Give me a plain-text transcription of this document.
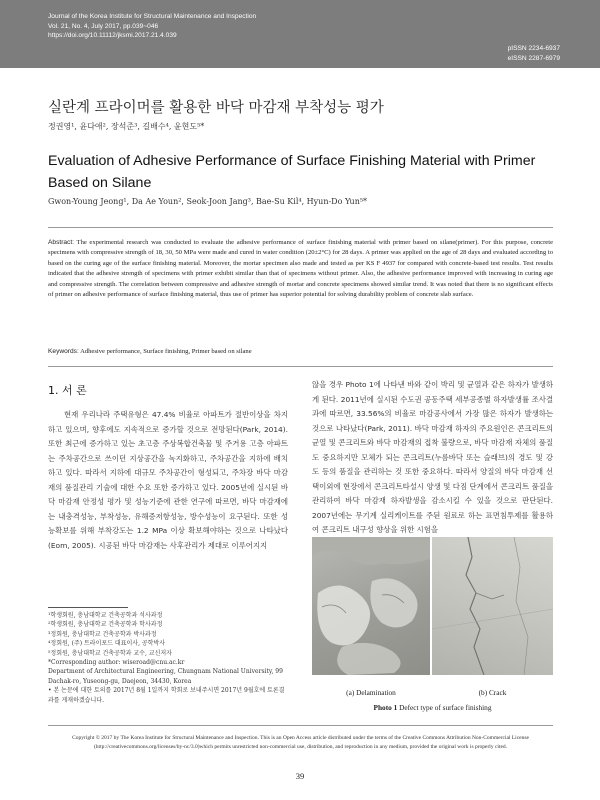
Journal of the Korea Institute for Structural Maintenance and Inspection
Vol. 21, No. 4, July 2017, pp.039~046
https://doi.org/10.11112/jksmi.2017.21.4.039
pISSN 2234-6937
eISSN 2287-6979
실란계 프라이머를 활용한 바닥 마감재 부착성능 평가
정권영¹, 윤다애², 장석준³, 길배수⁴, 윤현도⁵*
Evaluation of Adhesive Performance of Surface Finishing Material with Primer Based on Silane
Gwon-Young Jeong¹, Da Ae Youn², Seok-Joon Jang³, Bae-Su Kil⁴, Hyun-Do Yun⁵*
Abstract: The experimental research was conducted to evaluate the adhesive performance of surface finishing material with primer based on silane(primer). For this purpose, concrete specimens with compressive strength of 18, 30, 50 MPa were made and cured in water condition (20±2°C) for 28 days. A primer was applied on the age of 28 days and evaluated according to based on the curing age of the surface finishing material. Moreover, the mortar specimen also made and tested as per KS F 4937 for compared with concrete-based test results. Test results indicated that the adhesive strength of specimens with primer exhibit similar than that of specimens without primer. Also, the adhesive performance improved with increasing in curing age and compressive strength. The correlation between compressive and adhesive strength of mortar and concrete specimens showed similar trend. It was noted that there is no significant effects of primer on adhesive performance of surface finishing material, thus use of primer has superior potential for solving durability problem of concrete slab surface.
Keywords: Adhesive performance, Surface finishing, Primer based on silane
1. 서 론

현재 우리나라 주택유형은 47.4% 비율로 아파트가 절반이상을 차지하고 있으며, 향후에도 지속적으로 증가할 것으로 전망된다(Park, 2014). 또한 최근에 증가하고 있는 초고층 주상복합건축물 및 주거용 고층 아파트는 주차공간으로 쓰이던 지상공간을 녹지화하고, 주차공간을 지하에 배치하고 있다. 따라서 지하에 대규모 주차공간이 형성되고, 주차장 바닥 마감재의 품질관리 기술에 대한 수요 또한 증가하고 있다. 2005년에 실시된 바닥 마감재 안정성 평가 및 성능기준에 관한 연구에 따르면, 바닥 마감재에는 내충격성능, 부착성능, 유해증저항성능, 방수성능이 요구된다. 또한 성능확보를 위해 부착강도는 1.2 MPa 이상 확보해야하는 것으로 나타났다(Eom, 2005). 시공된 바닥 마감재는 사후관리가 제대로 이루어지지

않을 경우 Photo 1에 나타낸 바와 같이 박리 및 균열과 같은 하자가 발생하게 된다. 2011년에 실시된 수도권 공동주택 세부공종별 하자발생률 조사결과에 따르면, 33.56%의 비율로 마감공사에서 가장 많은 하자가 발생하는 것으로 나타났다(Park, 2011). 바닥 마감재 하자의 주요원인은 콘크리트의 균열 및 콘크리트와 바닥 마감재의 접착 불량으로, 바닥 마감재 자체의 품질도 중요하지만 모체가 되는 콘크리트(누름바닥 또는 슬래브)의 경도 및 강도 등의 품질을 관리하는 것 또한 중요하다. 따라서 양질의 바닥 마감재 선택이외에 현장에서 콘크리트타설시 양생 및 다짐 단계에서 콘크리트 품질을 관리하여 바닥 마감재 하자발생을 감소시킬 수 있을 것으로 판단된다. 2007년에는 무기계 실리케이트를 주된 원료로 하는 표면침투제를 활용하여 콘크리트 내구성 향상을 위한 시험을

¹학생회원, 충남대학교 건축공학과 석사과정
²학생회원, 충남대학교 건축공학과 학사과정
³정회원, 충남대학교 건축공학과 박사과정
⁴정회원, (주) 트라이포드 대표이사, 공학박사
⁵정회원, 충남대학교 건축공학과 교수, 교신저자
*Corresponding author: wiseroad@cnu.ac.kr
Department of Architectural Engineering, Chungnam National University, 99 Dachak-ro, Yuseong-gu, Daejeon, 34430, Korea
• 본 논문에 대한 토의를 2017년 8월 1일까지 학회로 보내주시면 2017년 9월호에 토론결과를 게재하겠습니다.
(a) Delamination	(b) Crack
Photo 1 Defect type of surface finishing
Copyright © 2017 by The Korea Institute for Structural Maintenance and Inspection. This is an Open Access article distributed under the terms of the Creative Commons Attribution Non-Commercial License (http://creativecommons.org/licenses/by-nc/3.0)which permits unrestricted non-commercial use, distribution, and reproduction in any medium, provided the original work is properly cited.
39
